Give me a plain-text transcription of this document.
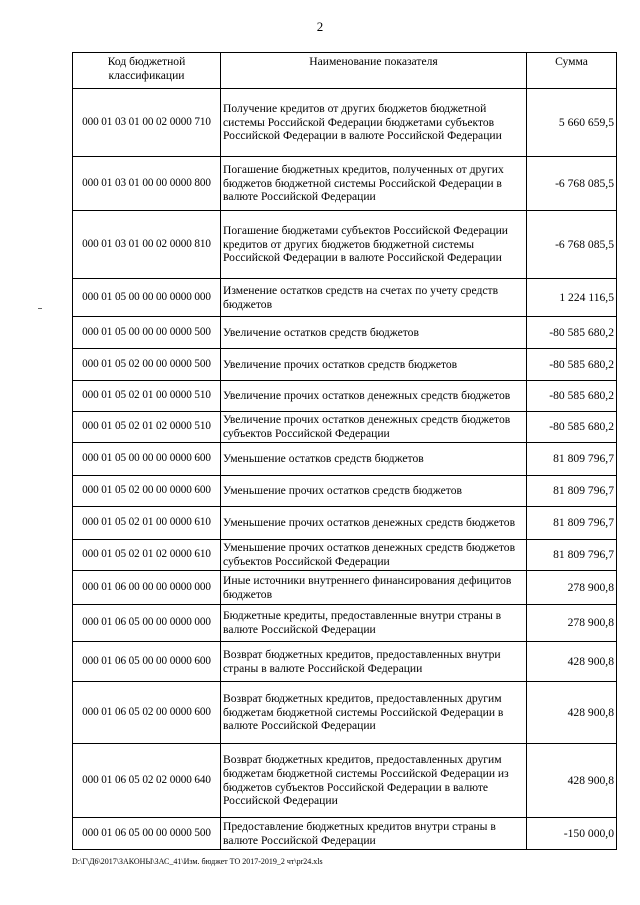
2
Код бюджетной классификации	Наименование показателя	Сумма
000 01 03 01 00 02 0000 710	Получение кредитов от других бюджетов бюджетной системы Российской Федерации бюджетами субъектов Российской Федерации в валюте Российской Федерации	5 660 659,5
000 01 03 01 00 00 0000 800	Погашение бюджетных кредитов, полученных от других бюджетов бюджетной системы Российской Федерации в валюте Российской Федерации	-6 768 085,5
000 01 03 01 00 02 0000 810	Погашение бюджетами субъектов Российской Федерации кредитов от других бюджетов бюджетной системы Российской Федерации в валюте Российской Федерации	-6 768 085,5
000 01 05 00 00 00 0000 000	Изменение остатков средств на счетах по учету средств бюджетов	1 224 116,5
000 01 05 00 00 00 0000 500	Увеличение остатков средств бюджетов	-80 585 680,2
000 01 05 02 00 00 0000 500	Увеличение прочих остатков средств бюджетов	-80 585 680,2
000 01 05 02 01 00 0000 510	Увеличение прочих остатков денежных средств бюджетов	-80 585 680,2
000 01 05 02 01 02 0000 510	Увеличение прочих остатков денежных средств бюджетов субъектов Российской Федерации	-80 585 680,2
000 01 05 00 00 00 0000 600	Уменьшение остатков средств бюджетов	81 809 796,7
000 01 05 02 00 00 0000 600	Уменьшение прочих остатков средств бюджетов	81 809 796,7
000 01 05 02 01 00 0000 610	Уменьшение прочих остатков денежных средств бюджетов	81 809 796,7
000 01 05 02 01 02 0000 610	Уменьшение прочих остатков денежных средств бюджетов субъектов Российской Федерации	81 809 796,7
000 01 06 00 00 00 0000 000	Иные источники внутреннего финансирования дефицитов бюджетов	278 900,8
000 01 06 05 00 00 0000 000	Бюджетные кредиты, предоставленные внутри страны в валюте Российской Федерации	278 900,8
000 01 06 05 00 00 0000 600	Возврат бюджетных кредитов, предоставленных внутри страны в валюте Российской Федерации	428 900,8
000 01 06 05 02 00 0000 600	Возврат бюджетных кредитов, предоставленных другим бюджетам бюджетной системы Российской Федерации в валюте Российской Федерации	428 900,8
000 01 06 05 02 02 0000 640	Возврат бюджетных кредитов, предоставленных другим бюджетам бюджетной системы Российской Федерации из бюджетов субъектов Российской Федерации в валюте Российской Федерации	428 900,8
000 01 06 05 00 00 0000 500	Предоставление бюджетных кредитов внутри страны в валюте Российской Федерации	-150 000,0
D:\Г\Д6\2017\ЗАКОНЫ\ЗАС_41\Изм. бюджет ТО 2017-2019_2 чт\pr24.xls
